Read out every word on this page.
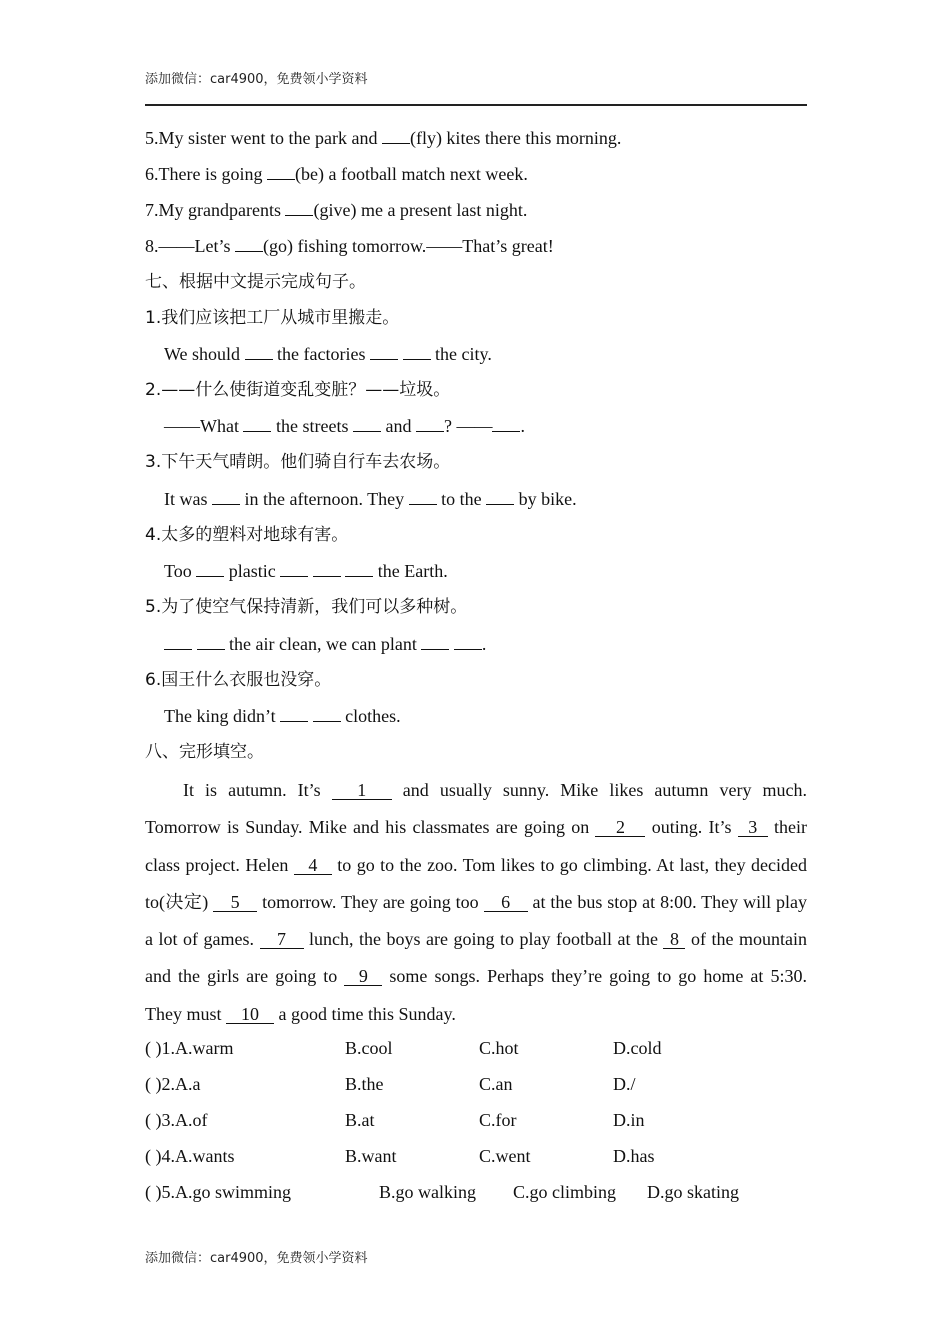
添加微信：car4900，免费领小学资料
5.My sister went to the park and (fly) kites there this morning.
6.There is going (be) a football match next week.
7.My grandparents (give) me a present last night.
8.——Let’s (go) fishing tomorrow.——That’s great!
七、根据中文提示完成句子。
1.我们应该把工厂从城市里搬走。
We should the factories	the city.
2.——什么使街道变乱变脏？——垃圾。
——What the streets and ? —— .
3.下午天气晴朗。他们骑自行车去农场。
It was in the afternoon. They to the by bike.
4.太多的塑料对地球有害。
Too plastic	the Earth.
5.为了使空气保持清新，我们可以多种树。
the air clean, we can plant	.
6.国王什么衣服也没穿。
The king didn’t	clothes.
八、完形填空。
It is autumn. It’s 1 and usually sunny. Mike likes autumn very much. Tomorrow is Sunday. Mike and his classmates are going on 2 outing. It’s 3 their class project. Helen 4 to go to the zoo. Tom likes to go climbing. At last, they decided to(决定) 5 tomorrow. They are going too 6 at the bus stop at 8:00. They will play a lot of games. 7 lunch, the boys are going to play football at the 8 of the mountain and the girls are going to 9 some songs. Perhaps they’re going to go home at 5:30. They must 10 a good time this Sunday.
( )1.A.warm	B.cool	C.hot	D.cold
( )2.A.a	B.the	C.an	D./
( )3.A.of	B.at	C.for	D.in
( )4.A.wants	B.want	C.went	D.has
( )5.A.go swimming	B.go walking C.go climbing D.go skating
添加微信：car4900，免费领小学资料
